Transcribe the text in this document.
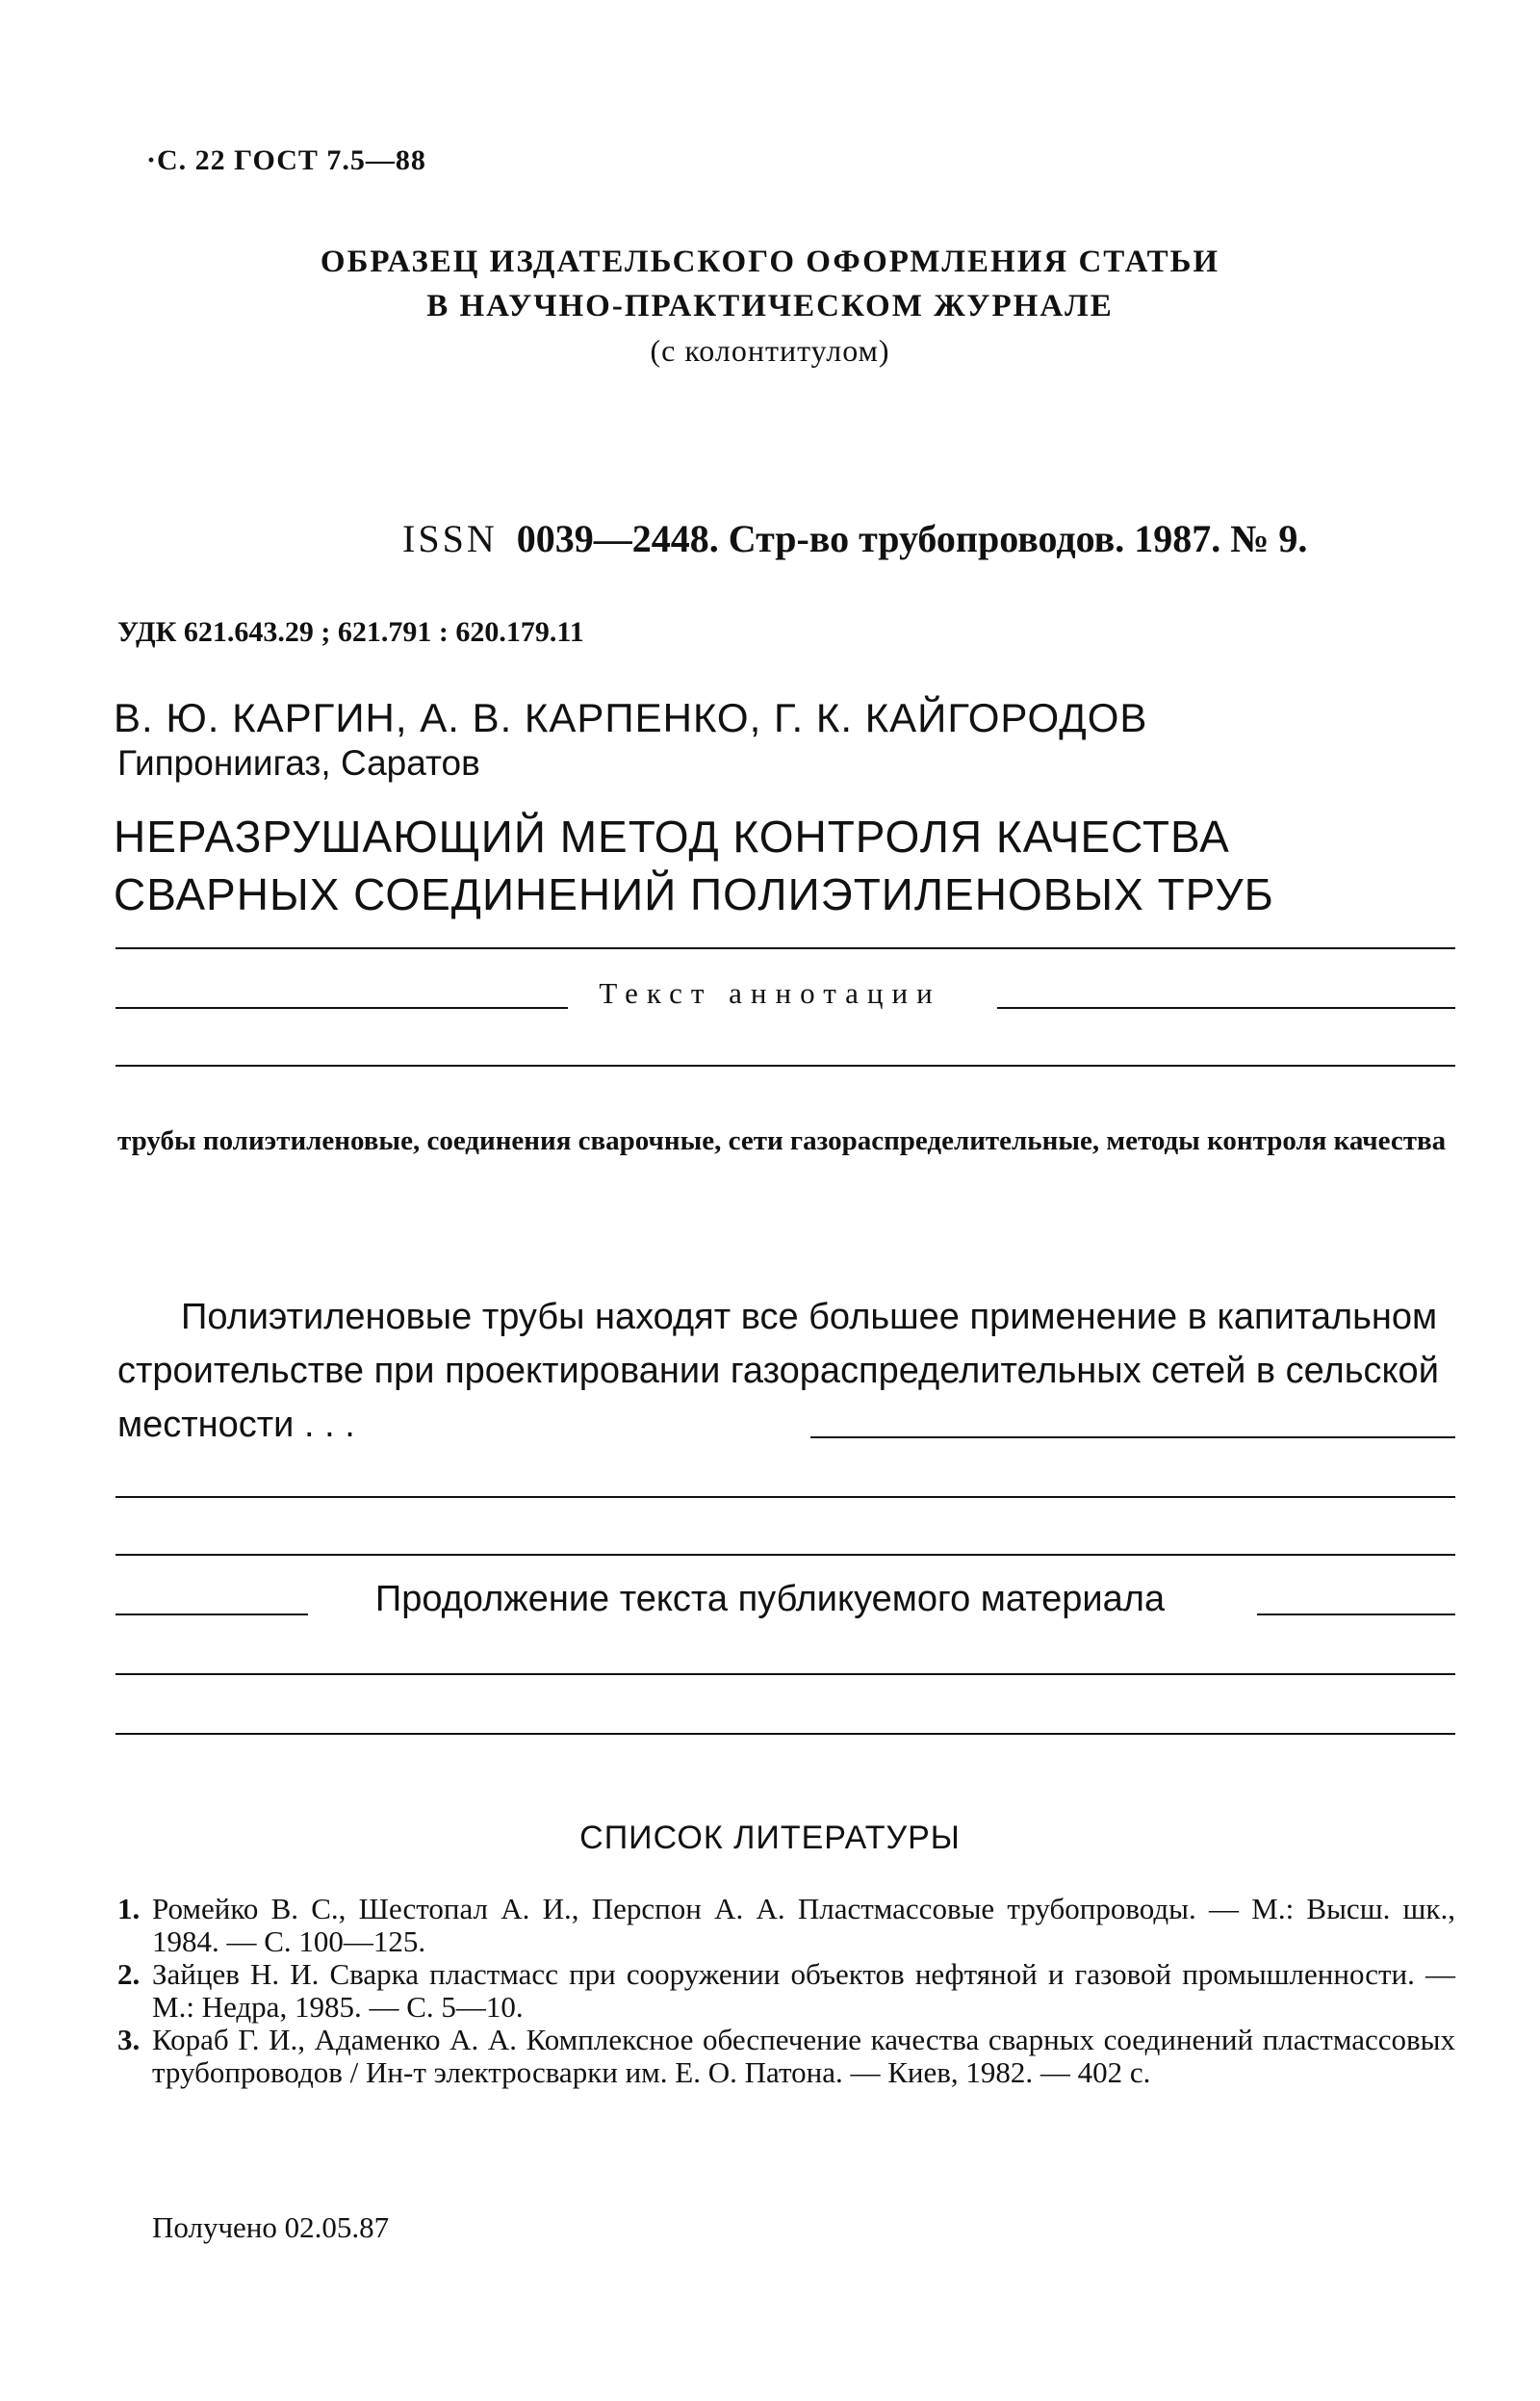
·С. 22 ГОСТ 7.5—88
ОБРАЗЕЦ ИЗДАТЕЛЬСКОГО ОФОРМЛЕНИЯ СТАТЬИ
В НАУЧНО-ПРАКТИЧЕСКОМ ЖУРНАЛЕ
(с колонтитулом)
ISSN 0039—2448. Стр-во трубопроводов. 1987. № 9.
УДК 621.643.29 ; 621.791 : 620.179.11
В. Ю. КАРГИН, А. В. КАРПЕНКО, Г. К. КАЙГОРОДОВ
Гипрониигаз, Саратов
НЕРАЗРУШАЮЩИЙ МЕТОД КОНТРОЛЯ КАЧЕСТВА
СВАРНЫХ СОЕДИНЕНИЙ ПОЛИЭТИЛЕНОВЫХ ТРУБ
Текст аннотации
трубы полиэтиленовые, соединения сварочные, сети газораспределительные, методы контроля качества
Полиэтиленовые трубы находят все большее применение в капитальном строительстве при проектировании газораспределительных сетей в сельской местности . . .
Продолжение текста публикуемого материала
СПИСОК ЛИТЕРАТУРЫ
1. Ромейко В. С., Шестопал А. И., Перспон А. А. Пластмассовые трубопроводы. — М.: Высш. шк., 1984. — С. 100—125.
2. Зайцев Н. И. Сварка пластмасс при сооружении объектов нефтяной и газовой промышленности. — М.: Недра, 1985. — С. 5—10.
3. Кораб Г. И., Адаменко А. А. Комплексное обеспечение качества сварных соединений пластмассовых трубопроводов / Ин-т электросварки им. Е. О. Патона. — Киев, 1982. — 402 с.
Получено 02.05.87
